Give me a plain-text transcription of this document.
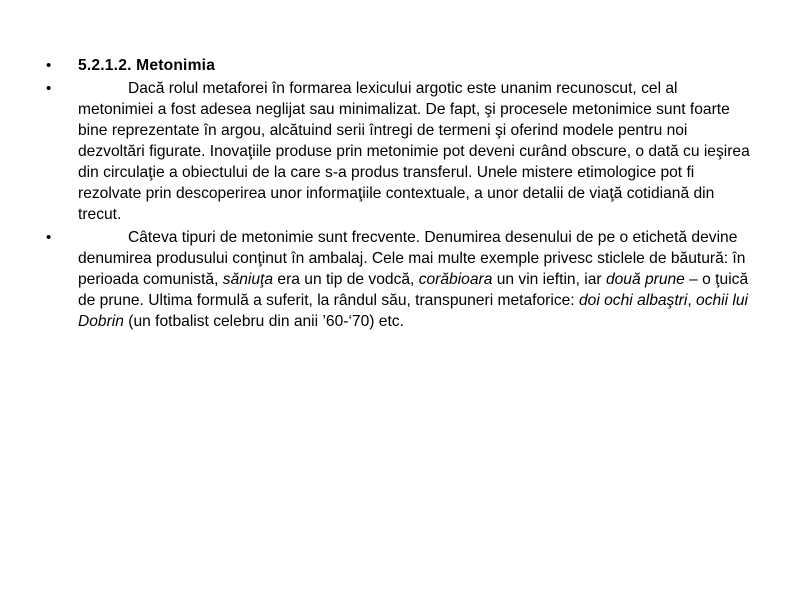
• 5.2.1.2. Metonimia
•	Dacă rolul metaforei în formarea lexicului argotic este unanim recunoscut, cel al metonimiei a fost adesea neglijat sau minimalizat. De fapt, şi procesele metonimice sunt foarte bine reprezentate în argou, alcătuind serii întregi de termeni şi oferind modele pentru noi dezvoltări figurate. Inovaţiile produse prin metonimie pot deveni curând obscure, o dată cu ieşirea din circulaţie a obiectului de la care s-a produs transferul. Unele mistere etimologice pot fi rezolvate prin descoperirea unor informaţiile contextuale, a unor detalii de viaţă cotidiană din trecut.
•	Câteva tipuri de metonimie sunt frecvente. Denumirea desenului de pe o etichetă devine denumirea produsului conţinut în ambalaj. Cele mai multe exemple privesc sticlele de băutură: în perioada comunistă, săniuţa era un tip de vodcă, corăbioara un vin ieftin, iar două prune – o ţuică de prune. Ultima formulă a suferit, la rândul său, transpuneri metaforice: doi ochi albaştri, ochii lui Dobrin (un fotbalist celebru din anii ’60-‘70) etc.
